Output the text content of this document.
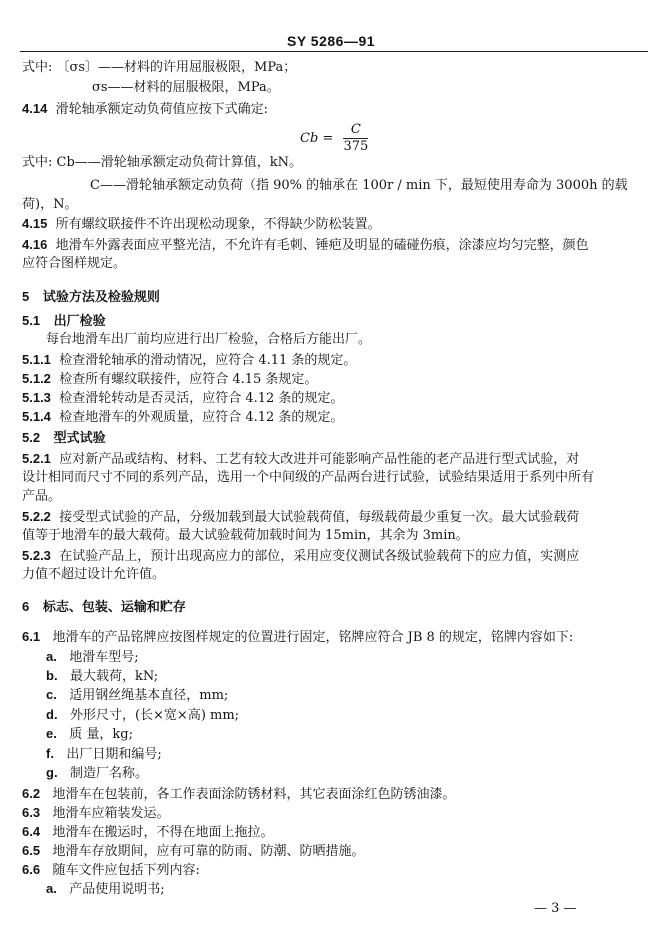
SY 5286—91
式中: 〔σs〕——材料的许用屈服极限，MPa；
σs——材料的屈服极限，MPa。
4.14 滑轮轴承额定动负荷值应按下式确定:
$Cb = \frac{C}{375}$
式中: Cb——滑轮轴承额定动负荷计算值，kN。
C——滑轮轴承额定动负荷（指 90% 的轴承在 100r / min 下，最短使用寿命为 3000h 的载
荷)，N。
4.15 所有螺纹联接件不许出现松动现象，不得缺少防松装置。
4.16 地滑车外露表面应平整光洁，不允许有毛刺、锤疤及明显的磕碰伤痕，涂漆应均匀完整，颜色
应符合图样规定。
5 试验方法及检验规则
5.1 出厂检验
每台地滑车出厂前均应进行出厂检验，合格后方能出厂。
5.1.1 检查滑轮轴承的滑动情况，应符合 4.11 条的规定。
5.1.2 检查所有螺纹联接件，应符合 4.15 条规定。
5.1.3 检查滑轮转动是否灵活，应符合 4.12 条的规定。
5.1.4 检查地滑车的外观质量，应符合 4.12 条的规定。
5.2 型式试验
5.2.1 应对新产品或结构、材料、工艺有较大改进并可能影响产品性能的老产品进行型式试验，对
设计相同而尺寸不同的系列产品，选用一个中间级的产品两台进行试验，试验结果适用于系列中所有
产品。
5.2.2 接受型式试验的产品，分级加载到最大试验载荷值，每级载荷最少重复一次。最大试验载荷
值等于地滑车的最大载荷。最大试验载荷加载时间为 15min，其余为 3min。
5.2.3 在试验产品上，预计出现高应力的部位，采用应变仪测试各级试验载荷下的应力值，实测应
力值不超过设计允许值。
6 标志、包装、运输和贮存
6.1 地滑车的产品铭牌应按图样规定的位置进行固定，铭牌应符合 JB 8 的规定，铭牌内容如下:
a. 地滑车型号;
b. 最大载荷，kN;
c. 适用钢丝绳基本直径，mm;
d. 外形尺寸，(长×宽×高) mm;
e. 质 量，kg;
f. 出厂日期和编号;
g. 制造厂名称。
6.2 地滑车在包装前，各工作表面涂防锈材料，其它表面涂红色防锈油漆。
6.3 地滑车应箱装发运。
6.4 地滑车在搬运时，不得在地面上拖拉。
6.5 地滑车存放期间，应有可靠的防雨、防潮、防晒措施。
6.6 随车文件应包括下列内容:
a. 产品使用说明书;
— 3 —
